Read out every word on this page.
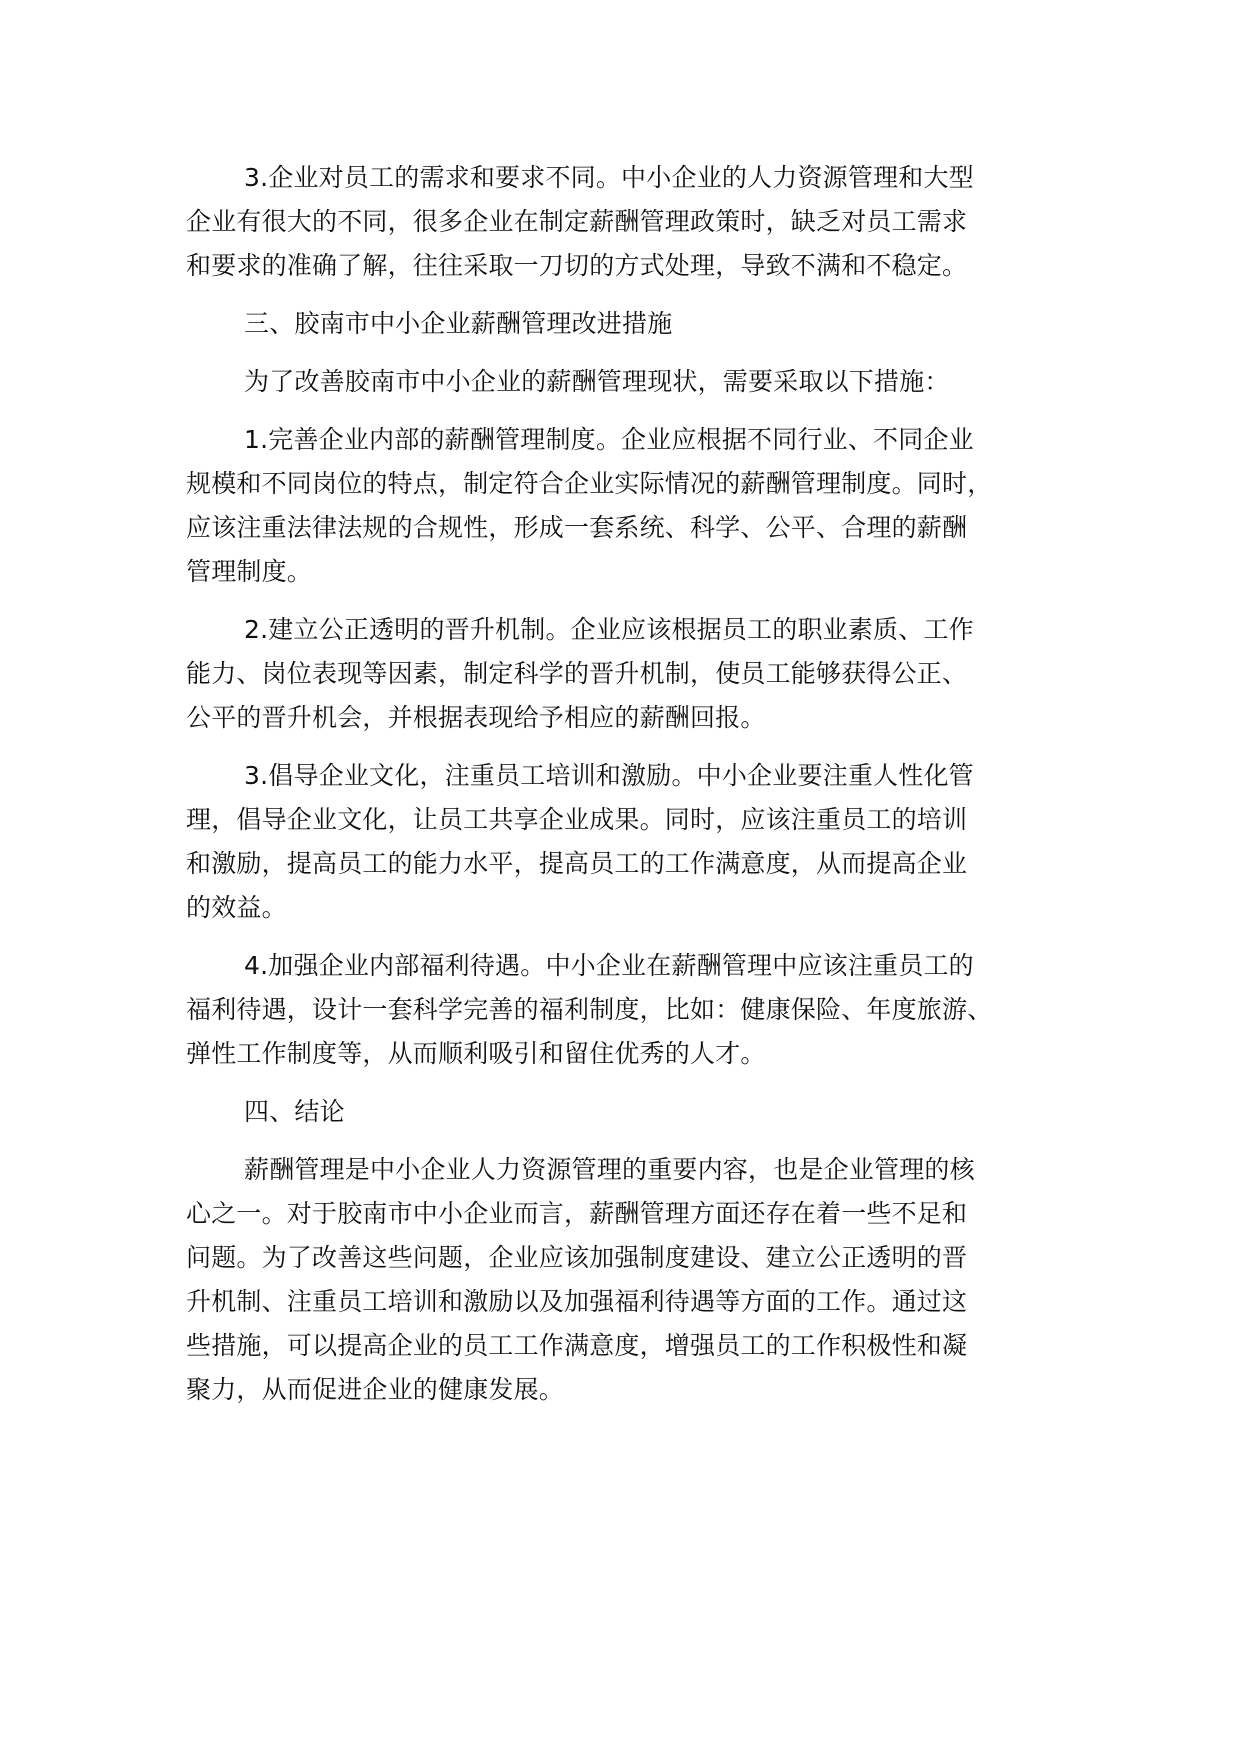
3.企业对员工的需求和要求不同。中小企业的人力资源管理和大型
企业有很大的不同，很多企业在制定薪酬管理政策时，缺乏对员工需求
和要求的准确了解，往往采取一刀切的方式处理，导致不满和不稳定。
三、胶南市中小企业薪酬管理改进措施
为了改善胶南市中小企业的薪酬管理现状，需要采取以下措施：
1.完善企业内部的薪酬管理制度。企业应根据不同行业、不同企业
规模和不同岗位的特点，制定符合企业实际情况的薪酬管理制度。同时，
应该注重法律法规的合规性，形成一套系统、科学、公平、合理的薪酬
管理制度。
2.建立公正透明的晋升机制。企业应该根据员工的职业素质、工作
能力、岗位表现等因素，制定科学的晋升机制，使员工能够获得公正、
公平的晋升机会，并根据表现给予相应的薪酬回报。
3.倡导企业文化，注重员工培训和激励。中小企业要注重人性化管
理，倡导企业文化，让员工共享企业成果。同时，应该注重员工的培训
和激励，提高员工的能力水平，提高员工的工作满意度，从而提高企业
的效益。
4.加强企业内部福利待遇。中小企业在薪酬管理中应该注重员工的
福利待遇，设计一套科学完善的福利制度，比如：健康保险、年度旅游、
弹性工作制度等，从而顺利吸引和留住优秀的人才。
四、结论
薪酬管理是中小企业人力资源管理的重要内容，也是企业管理的核
心之一。对于胶南市中小企业而言，薪酬管理方面还存在着一些不足和
问题。为了改善这些问题，企业应该加强制度建设、建立公正透明的晋
升机制、注重员工培训和激励以及加强福利待遇等方面的工作。通过这
些措施，可以提高企业的员工工作满意度，增强员工的工作积极性和凝
聚力，从而促进企业的健康发展。
